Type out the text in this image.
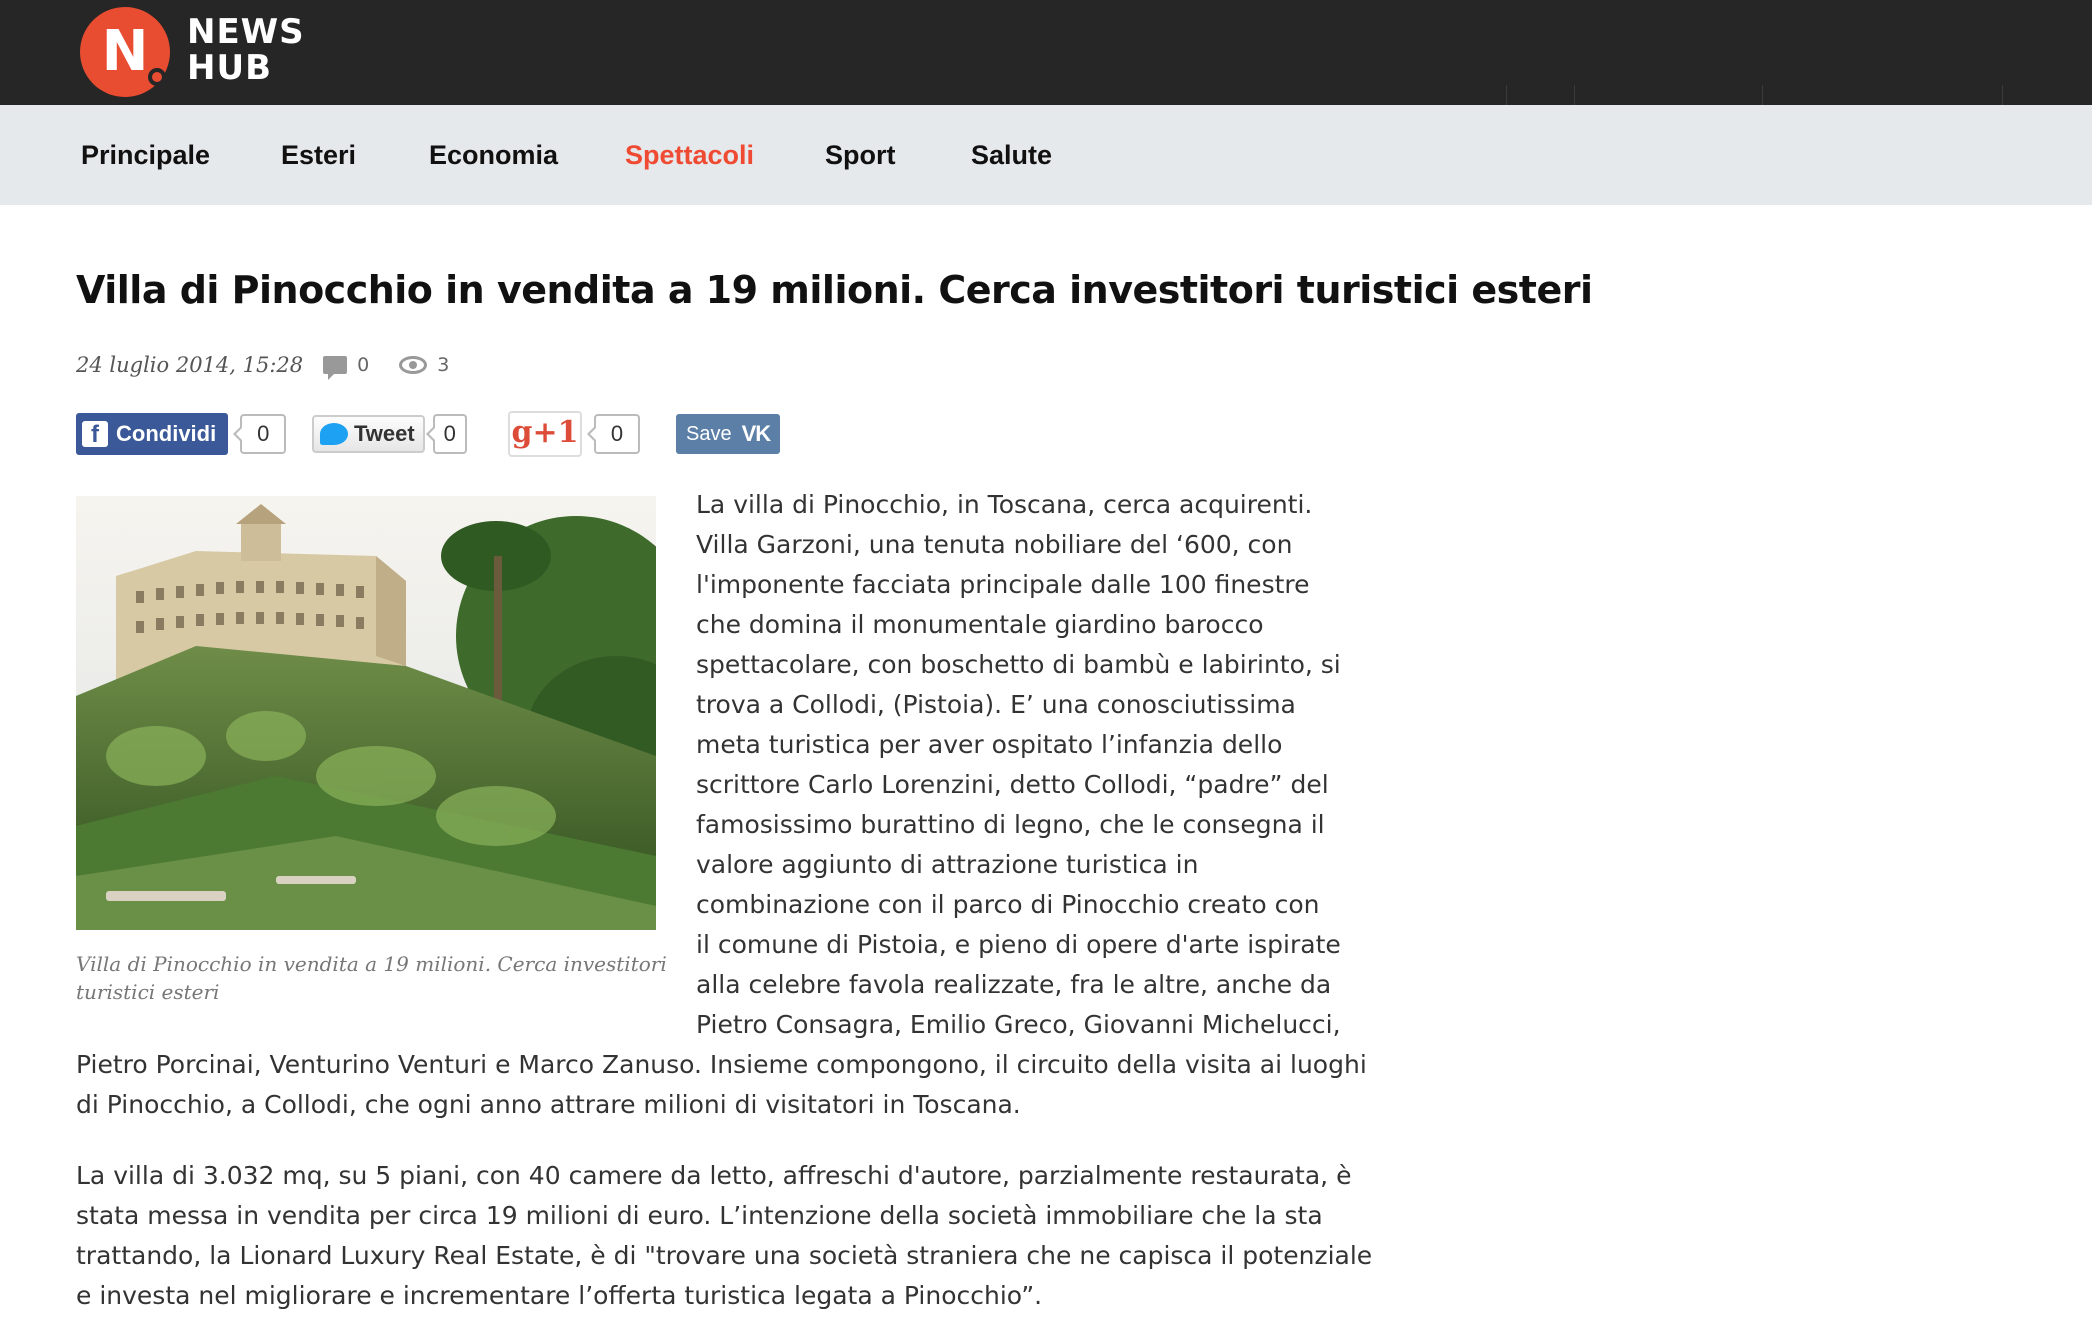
N	NEWS
HUB
Principale	Esteri	Economia Spettacoli	Sport	Salute
Villa di Pinocchio in vendita a 19 milioni. Cerca investitori turistici esteri
24 luglio 2014, 15:28	0	3
f Condividi	0	Tweet	0	g+1	0	Save VK
Villa di Pinocchio in vendita a 19 milioni. Cerca investitori
turistici esteri
La villa di Pinocchio, in Toscana, cerca acquirenti.
Villa Garzoni, una tenuta nobiliare del ‘600, con
l'imponente facciata principale dalle 100 finestre
che domina il monumentale giardino barocco
spettacolare, con boschetto di bambù e labirinto, si
trova a Collodi, (Pistoia). E’ una conosciutissima
meta turistica per aver ospitato l’infanzia dello
scrittore Carlo Lorenzini, detto Collodi, “padre” del
famosissimo burattino di legno, che le consegna il
valore aggiunto di attrazione turistica in
combinazione con il parco di Pinocchio creato con
il comune di Pistoia, e pieno di opere d'arte ispirate
alla celebre favola realizzate, fra le altre, anche da
Pietro Consagra, Emilio Greco, Giovanni Michelucci,
Pietro Porcinai, Venturino Venturi e Marco Zanuso. Insieme compongono, il circuito della visita ai luoghi
di Pinocchio, a Collodi, che ogni anno attrare milioni di visitatori in Toscana.
La villa di 3.032 mq, su 5 piani, con 40 camere da letto, affreschi d'autore, parzialmente restaurata, è
stata messa in vendita per circa 19 milioni di euro. L’intenzione della società immobiliare che la sta
trattando, la Lionard Luxury Real Estate, è di "trovare una società straniera che ne capisca il potenziale
e investa nel migliorare e incrementare l’offerta turistica legata a Pinocchio”.
